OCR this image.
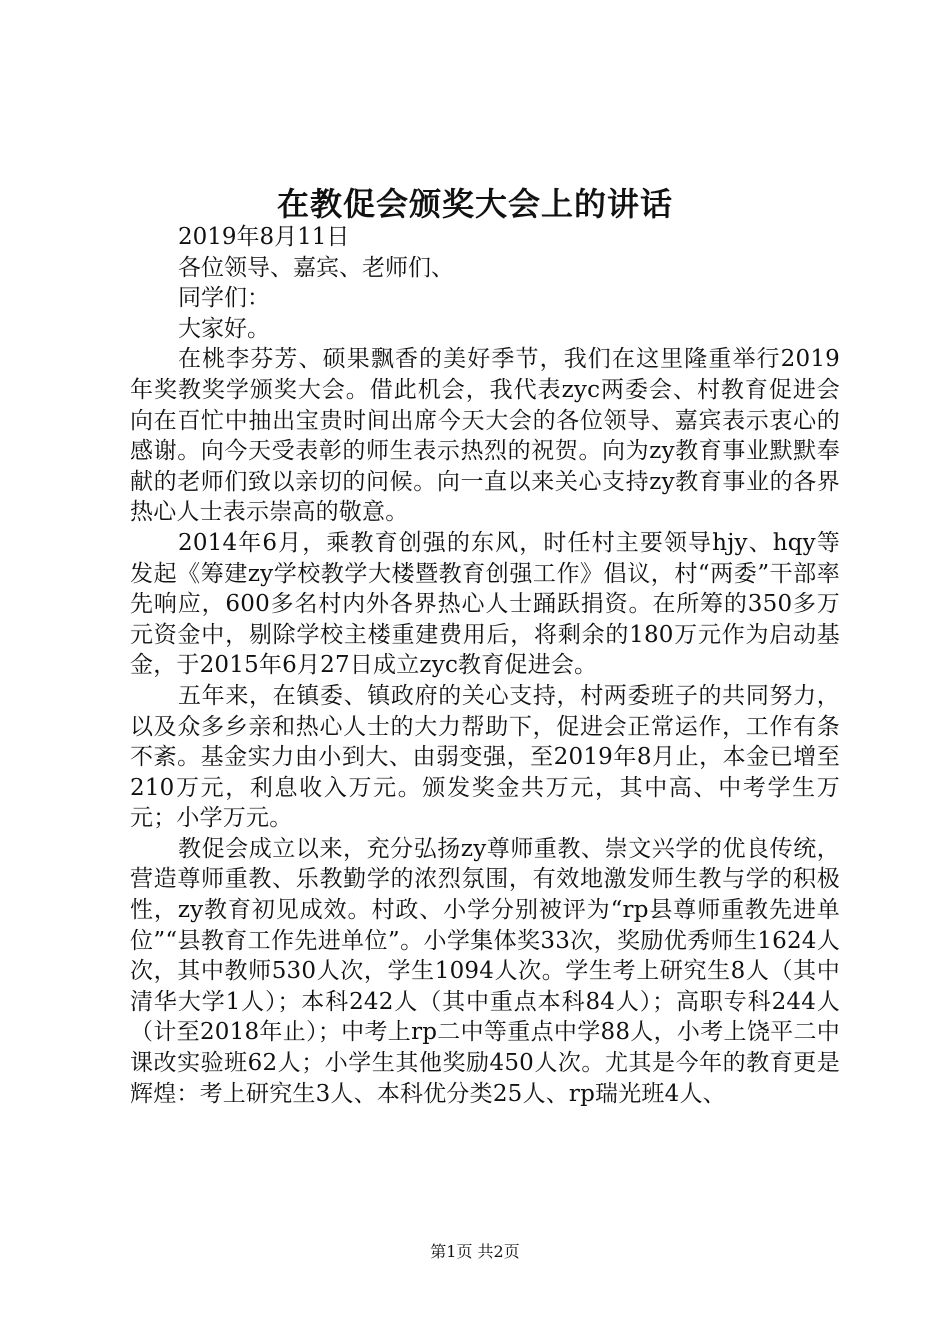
在教促会颁奖大会上的讲话

2019年8月11日

各位领导、嘉宾、老师们、

同学们：

大家好。

在桃李芬芳、硕果飘香的美好季节，我们在这里隆重举行2019年奖教奖学颁奖大会。借此机会，我代表zyc两委会、村教育促进会向在百忙中抽出宝贵时间出席今天大会的各位领导、嘉宾表示衷心的感谢。向今天受表彰的师生表示热烈的祝贺。向为zy教育事业默默奉献的老师们致以亲切的问候。向一直以来关心支持zy教育事业的各界热心人士表示崇高的敬意。

2014年6月，乘教育创强的东风，时任村主要领导hjy、hqy等发起《筹建zy学校教学大楼暨教育创强工作》倡议，村“两委”干部率先响应，600多名村内外各界热心人士踊跃捐资。在所筹的350多万元资金中，剔除学校主楼重建费用后，将剩余的180万元作为启动基金，于2015年6月27日成立zyc教育促进会。

五年来，在镇委、镇政府的关心支持，村两委班子的共同努力，以及众多乡亲和热心人士的大力帮助下，促进会正常运作，工作有条不紊。基金实力由小到大、由弱变强，至2019年8月止，本金已增至210万元，利息收入万元。颁发奖金共万元，其中高、中考学生万元；小学万元。

教促会成立以来，充分弘扬zy尊师重教、崇文兴学的优良传统，营造尊师重教、乐教勤学的浓烈氛围，有效地激发师生教与学的积极性，zy教育初见成效。村政、小学分别被评为“rp县尊师重教先进单位”“县教育工作先进单位”。小学集体奖33次，奖励优秀师生1624人次，其中教师530人次，学生1094人次。学生考上研究生8人（其中清华大学1人）；本科242人（其中重点本科84人）；高职专科244人（计至2018年止）；中考上rp二中等重点中学88人，小考上饶平二中课改实验班62人；小学生其他奖励450人次。尤其是今年的教育更是辉煌：考上研究生3人、本科优分类25人、rp瑞光班4人、

第1页 共2页
